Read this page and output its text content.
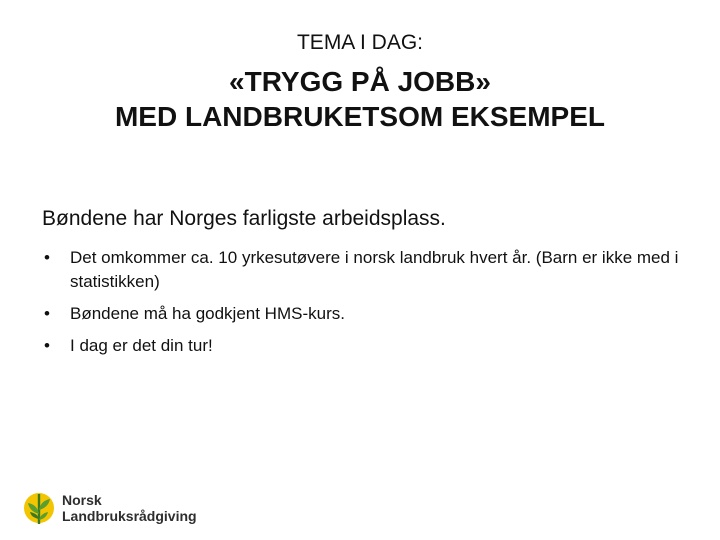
TEMA I DAG:
«TRYGG PÅ JOBB»
MED LANDBRUKETSOM EKSEMPEL

Bøndene har Norges farligste arbeidsplass.

• Det omkommer ca. 10 yrkesutøvere i norsk landbruk hvert år. (Barn er ikke med i statistikken)
• Bøndene må ha godkjent HMS-kurs.
• I dag er det din tur!
Norsk
Landbruksrådgiving
